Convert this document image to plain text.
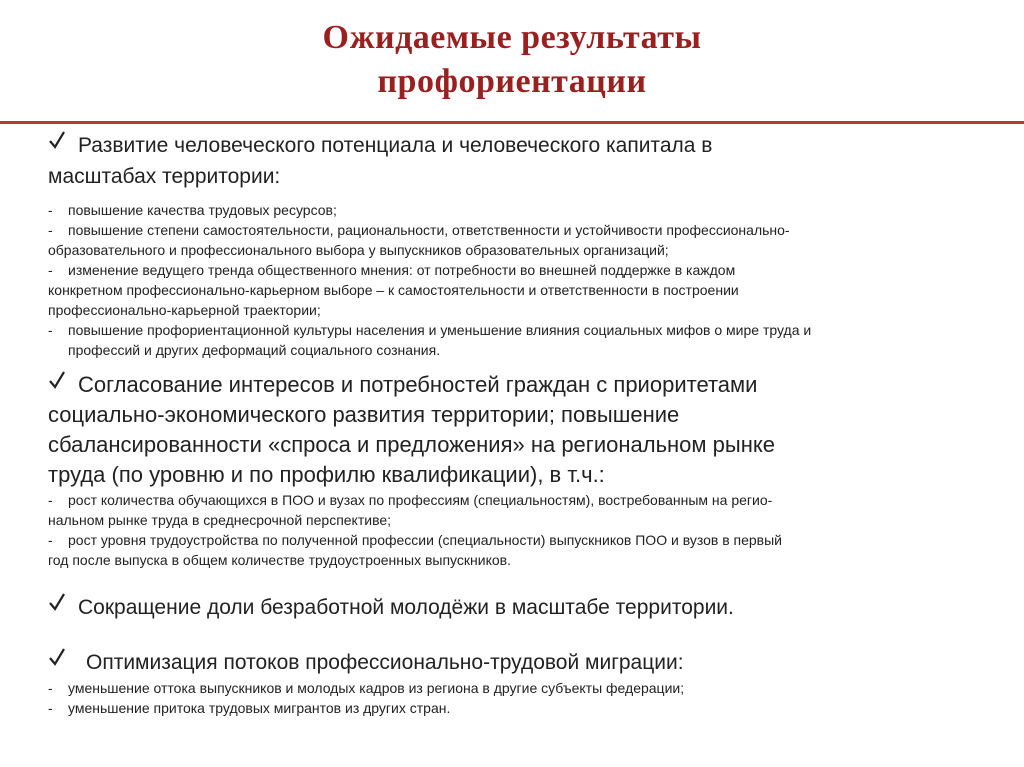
Ожидаемые результаты
профориентации
Развитие человеческого потенциала и человеческого капитала в
масштабах территории:

- повышение качества трудовых ресурсов;

- повышение степени самостоятельности, рациональности, ответственности и устойчивости профессионально-

образовательного и профессионального выбора у выпускников образовательных организаций;

- изменение ведущего тренда общественного мнения: от потребности во внешней поддержке в каждом

конкретном профессионально-карьерном выборе – к самостоятельности и ответственности в построении

профессионально-карьерной траектории;

- повышение профориентационной культуры населения и уменьшение влияния социальных мифов о мире труда и

профессий и других деформаций социального сознания.

Согласование интересов и потребностей граждан с приоритетами
социально-экономического развития территории; повышение
сбалансированности «спроса и предложения» на региональном рынке
труда (по уровню и по профилю квалификации), в т.ч.:

- рост количества обучающихся в ПОО и вузах по профессиям (специальностям), востребованным на регио-

нальном рынке труда в среднесрочной перспективе;

- рост уровня трудоустройства по полученной профессии (специальности) выпускников ПОО и вузов в первый

год после выпуска в общем количестве трудоустроенных выпускников.

Сокращение доли безработной молодёжи в масштабе территории.
Оптимизация потоков профессионально-трудовой миграции:

- уменьшение оттока выпускников и молодых кадров из региона в другие субъекты федерации;

- уменьшение притока трудовых мигрантов из других стран.
